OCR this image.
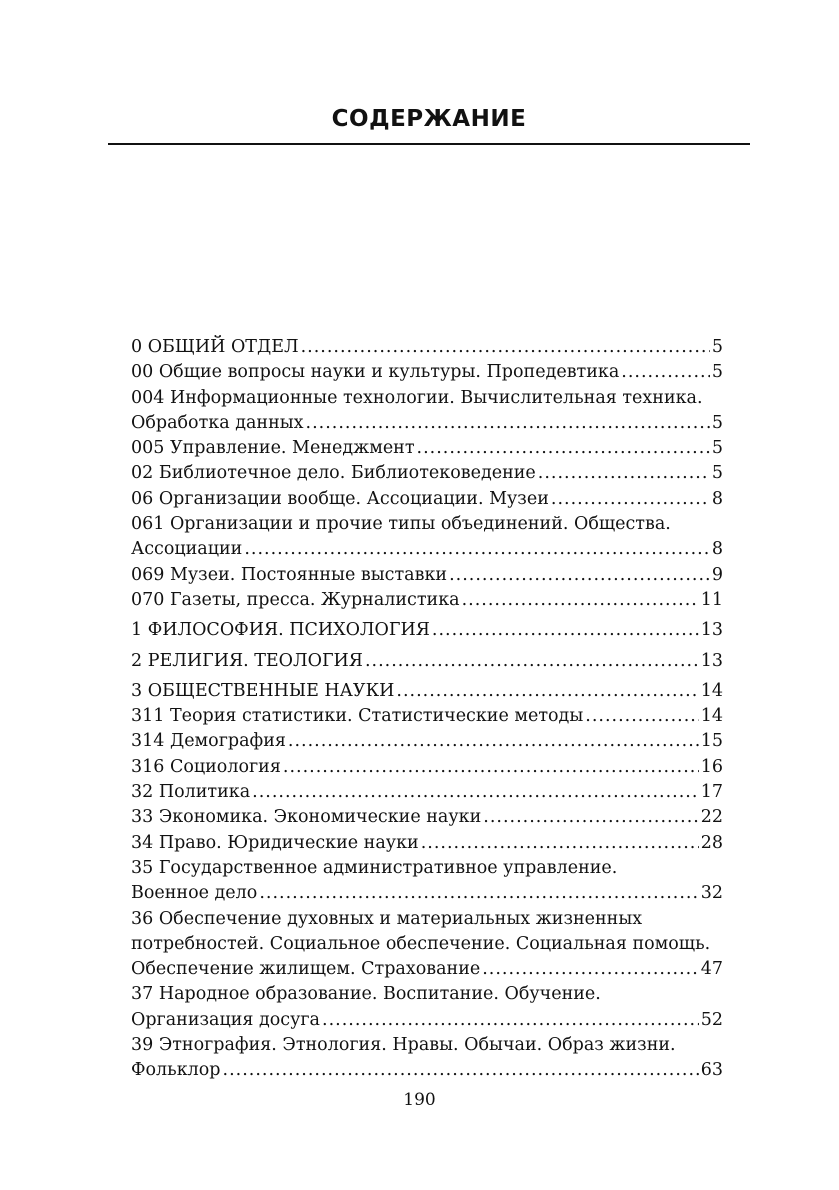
СОДЕРЖАНИЕ
0 ОБЩИЙ ОТДЕЛ .....	5
00 Общие вопросы науки и культуры. Пропедевтика .....	5
004 Информационные технологии. Вычислительная техника.
Обработка данных .....	5
005 Управление. Менеджмент .....	5
02 Библиотечное дело. Библиотековедение .....	5
06 Организации вообще. Ассоциации. Музеи .....	8
061 Организации и прочие типы объединений. Общества.
Ассоциации .....	8
069 Музеи. Постоянные выставки .....	9
070 Газеты, пресса. Журналистика .....	11
1 ФИЛОСОФИЯ. ПСИХОЛОГИЯ .....	13
2 РЕЛИГИЯ. ТЕОЛОГИЯ .....	13
3 ОБЩЕСТВЕННЫЕ НАУКИ .....	14
311 Теория статистики. Статистические методы .....	14
314 Демография .....	15
316 Социология .....	16
32 Политика .....	17
33 Экономика. Экономические науки .....	22
34 Право. Юридические науки .....	28
35 Государственное административное управление.
Военное дело .....	32
36 Обеспечение духовных и материальных жизненных
потребностей. Социальное обеспечение. Социальная помощь.
Обеспечение жилищем. Страхование .....	47
37 Народное образование. Воспитание. Обучение.
Организация досуга .....	52
39 Этнография. Этнология. Нравы. Обычаи. Образ жизни.
Фольклор .....	63
190
